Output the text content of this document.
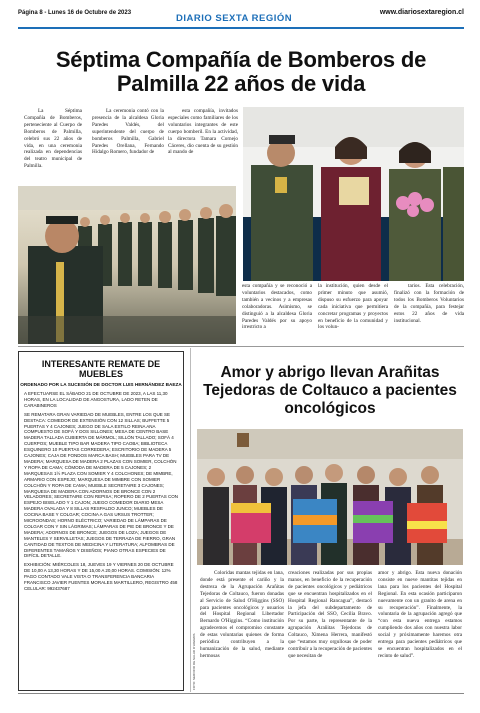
Página 8 - Lunes 16 de Octubre de 2023	DIARIO SEXTA REGIÓN
www.diariosextaregion.cl
Séptima Compañía de Bomberos de Palmilla 22 años de vida

La Séptima Compañía de Bomberos, perteneciente al Cuerpo de Bomberos de Palmilla, celebró sus 22 años de vida, en una ceremonia realizada en dependencias del teatro municipal de Palmilla.

La ceremonia contó con la presencia de la alcaldesa Gloria Paredes Valdés, del superintendente del cuerpo de bomberos Palmilla, Gabriel Paredes Orellana, Fernando Hidalgo Romero, fundador de

esta compañía, invitados especiales como familiares de los voluntarios integrantes de este cuerpo bomberil. En la actividad, la directora Tamara Cornejo Cáceres, dio cuenta de su gestión al mando de

esta compañía y se reconoció a voluntarios destacados, como también a vecinos y a empresas colaboradoras. Asimismo, se distinguió a la alcaldesa Gloria Paredes Valdés por su apoyo irrestricto a

la institución, quien desde el primer minuto que asumió, dispuso su esfuerzo para apoyar cada iniciativa que permitiera concretar programas y proyectos en beneficio de la comunidad y los volun-

tarios. Esta celebración, finalizó con la formación de todos los Bomberos Voluntarios de la compañía, para festejar estos 22 años de vida institucional.

INTERESANTE REMATE DE MUEBLES
ORDENADO POR LA SUCESIÓN DE DOCTOR LUIS HERNÁNDEZ BAEZA

A EFECTUARSE EL SÁBADO 21 DE OCTUBRE DE 2023, A LAS 11,30 HORAS, EN LA LOCALIDAD DE ANGOSTURA, LADO RETEN DE CARABINEROS

SE REMATARA GRAN VARIEDAD DE MUEBLES, ENTRE LOS QUE SE DESTACA: COMEDOR DE EXTENSIÓN CON 12 SILLAS; BUFFETTE 5 PUERTAS Y 4 CAJONES; JUEGO DE SALA ESTILO REINA ANA COMPUESTO DE SOFÁ Y DOS SILLONES; MESA DE CENTRO BASE MADERA TALLADA CUBIERTA DE MÁRMOL; SILLÓN TALLADO; SOFÁ 4 CUERPOS; MUEBLE TIPO BAR MADERA TIPO CAOBA; BIBLIOTECA ESQUINERO 10 PUERTAS CORREDERA; ESCRITORIO DE MADERA 5 CAJONES; CAJA DE FONDOS MARCA BASH; MUEBLES PARA TV DE MADERA; MARQUESA DE MADERA 2 PLAZAS CON SOMIER, COLCHÓN Y ROPA DE CAMA; CÓMODA DE MADERA DE 5 CAJONES; 2 MARQUESAS 1½ PLAZA CON SOMIER Y 4 COLCHONES; DE MIMBRE, ARMARIO CON ESPEJO; MARQUESA DE MIMBRE CON SOMIER COLCHÓN Y ROPA DE CAMA; MUEBLE SECRETAIRE 3 CAJONES; MARQUESA DE MADERA CON ADORNOS DE BRONCE CON 2 VELADORES; SECRETAIRE CON REPISA; ROPERO DE 2 PUERTAS CON ESPEJO BISELADO Y 1 CAJON; JUEGO COMEDOR DIARIO MESA MADERA OVALADA Y 8 SILLAS RESPALDO JUNCO; MUEBLES DE COCINA BASE Y COLGAR; COCINA A GAS URSUS TROTTER; MICROONDAS; HORNO ELÉCTRICO; VARIEDAD DE LÁMPARAS DE COLGAR CON Y SIN LÁGRIMAS; LÁMPARAS DE PIE DE BRONCE Y DE MADERA; ADORNOS DE BRONCE; JUEGOS DE LOZA; JUEGOS DE MANTELES Y SERVILLETAS; JUEGOS DE TERRAZA DE FIERRO, GRAN CANTIDAD DE TEXTOS DE MEDICINA Y LITERATURA; ALFOMBRAS DE DIFERENTES TAMAÑOS Y DISEÑOS; PIANO OTRAS ESPECIES DE DIFÍCIL DETALLE.

EXHIBICIÓN: MIÉRCOLES 18, JUEVES 19 Y VIERNES 20 DE OCTUBRE DE 10,00 A 13,30 HORAS Y DE 15,00 A 20,00 HORAS. COMISIÓN: 12% PAGO CONTADO VALE VISTA O TRANSFERENCIA BANCARIA FRANCISCO JAVIER FUENTES MORALES MARTILLERO, REGISTRO 458 CELULAR: 992437687

Amor y abrigo llevan Arañitas Tejedoras de Coltauco a pacientes oncológicos
FOTO: SERVICIO DE SALUD O'HIGGINS

Coloridas mantas tejidas en lana, donde está presente el cariño y la destreza de la Agrupación Arañitas Tejedoras de Coltauco, fueron donadas al Servicio de Salud O'Higgins (SSO) para pacientes oncológicos y usuarios del Hospital Regional Libertador Bernardo O'Higgins. “Como institución agradecemos el compromiso constante de estas voluntarias quienes de forma periódica contribuyen a la humanización de la salud, mediante hermosas

creaciones realizadas por sus propias manos, en beneficio de la recuperación de pacientes oncológicos y pediátricos que se encuentran hospitalizados en el Hospital Regional Rancagua”, destacó la jefa del subdepartamento de Participación del SSO, Cecilia Bravo. Por su parte, la representante de la agrupación Arañitas Tejedoras de Coltauco, Ximena Herrera, manifestó que “estamos muy orgullosas de poder contribuir a la recuperación de pacientes que necesitan de

amor y abrigo. Esta nueva donación consiste en nueve mantitas tejidas en lana para los pacientes del Hospital Regional. En esta ocasión participaron nuevamente con un granito de arena en su recuperación”. Finalmente, la voluntaria de la agrupación agregó que “con esta nueva entrega estamos cumpliendo dos años con nuestra labor social y próximamente haremos otra entrega para pacientes pediátricos que se encuentran hospitalizados en el recinto de salud”.
